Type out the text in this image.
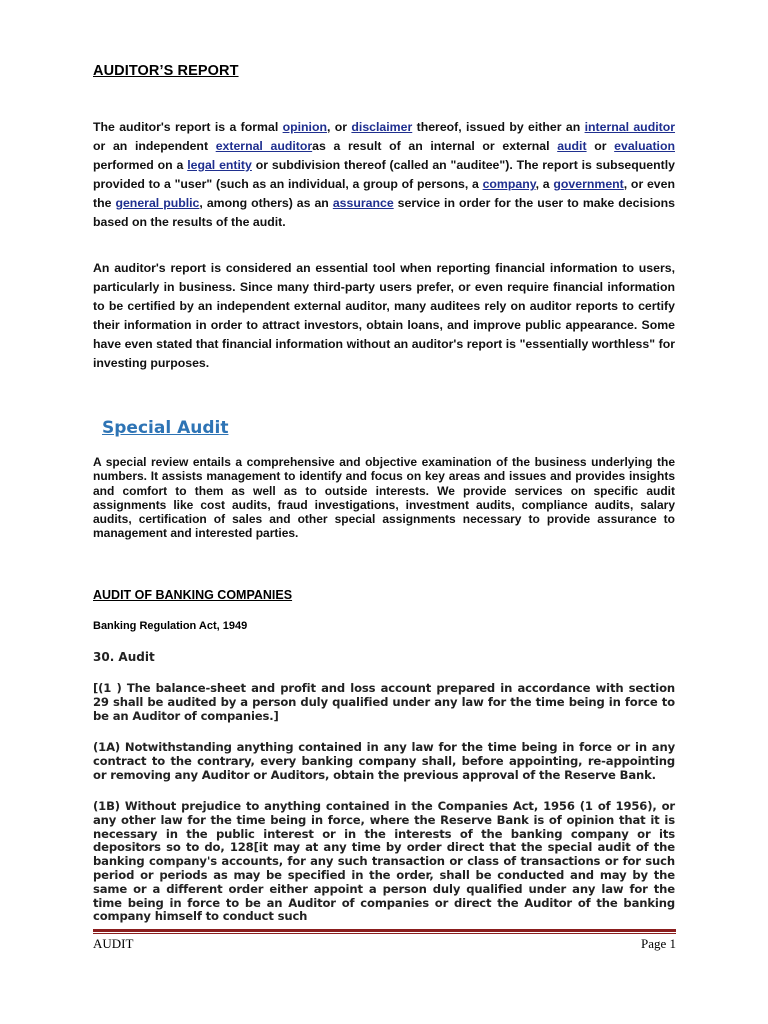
AUDITOR’S REPORT

The auditor's report is a formal opinion, or disclaimer thereof, issued by either an internal auditor or an independent external auditoras a result of an internal or external audit or evaluation performed on a legal entity or subdivision thereof (called an "auditee"). The report is subsequently provided to a "user" (such as an individual, a group of persons, a company, a government, or even the general public, among others) as an assurance service in order for the user to make decisions based on the results of the audit.

An auditor's report is considered an essential tool when reporting financial information to users, particularly in business. Since many third-party users prefer, or even require financial information to be certified by an independent external auditor, many auditees rely on auditor reports to certify their information in order to attract investors, obtain loans, and improve public appearance. Some have even stated that financial information without an auditor's report is "essentially worthless" for investing purposes.

Special Audit

A special review entails a comprehensive and objective examination of the business underlying the numbers. It assists management to identify and focus on key areas and issues and provides insights and comfort to them as well as to outside interests. We provide services on specific audit assignments like cost audits, fraud investigations, investment audits, compliance audits, salary audits, certification of sales and other special assignments necessary to provide assurance to management and interested parties.

AUDIT OF BANKING COMPANIES
Banking Regulation Act, 1949
30. Audit

[(1 ) The balance-sheet and profit and loss account prepared in accordance with section 29 shall be audited by a person duly qualified under any law for the time being in force to be an Auditor of companies.]

(1A) Notwithstanding anything contained in any law for the time being in force or in any contract to the contrary, every banking company shall, before appointing, re-appointing or removing any Auditor or Auditors, obtain the previous approval of the Reserve Bank.

(1B) Without prejudice to anything contained in the Companies Act, 1956 (1 of 1956), or any other law for the time being in force, where the Reserve Bank is of opinion that it is necessary in the public interest or in the interests of the banking company or its depositors so to do, 128[it may at any time by order direct that the special audit of the banking company's accounts, for any such transaction or class of transactions or for such period or periods as may be specified in the order, shall be conducted and may by the same or a different order either appoint a person duly qualified under any law for the time being in force to be an Auditor of companies or direct the Auditor of the banking company himself to conduct such

AUDIT	Page 1
